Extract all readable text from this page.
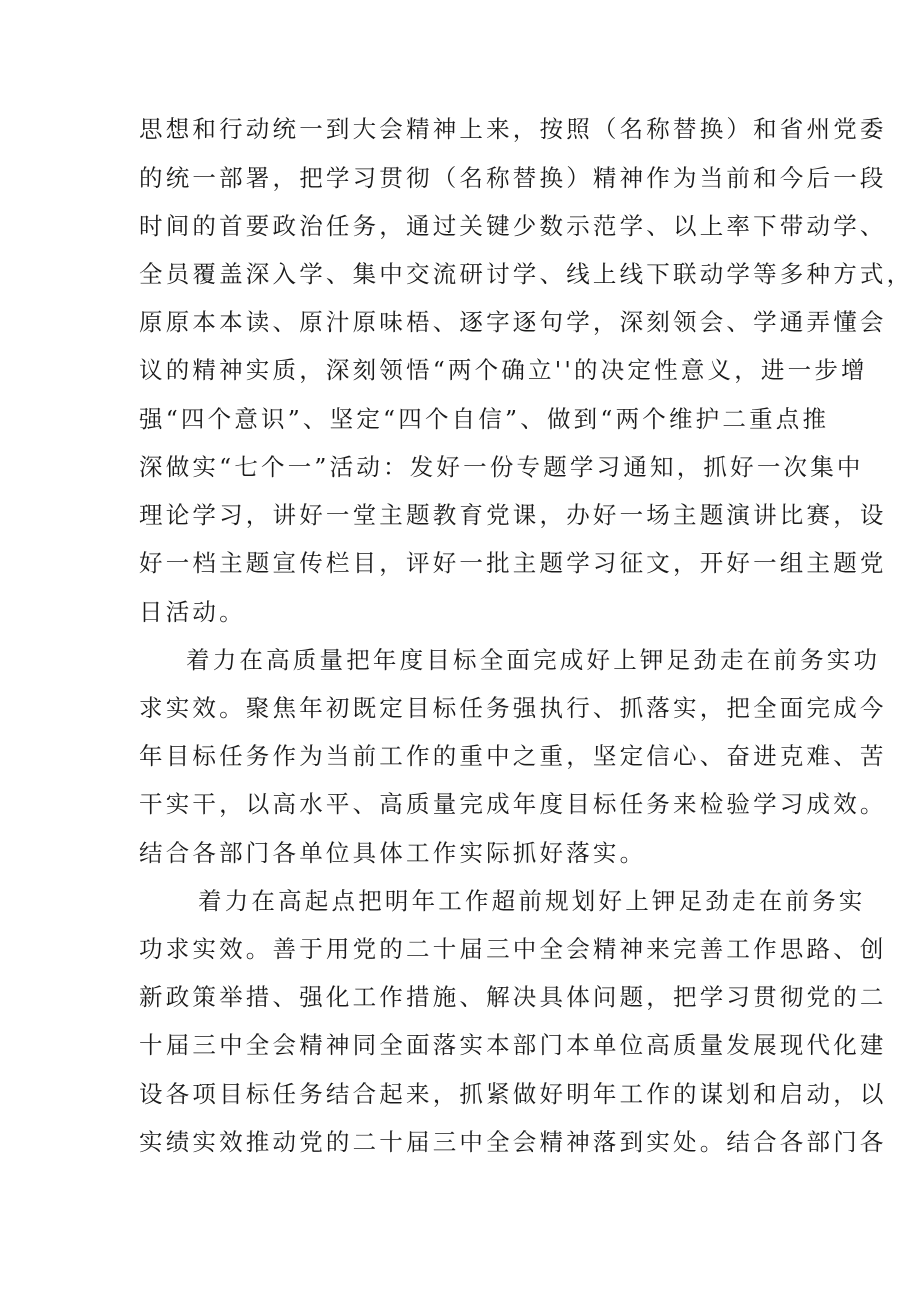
思想和行动统一到大会精神上来，按照（名称替换）和省州党委
的统一部署，把学习贯彻（名称替换）精神作为当前和今后一段
时间的首要政治任务，通过关键少数示范学、以上率下带动学、
全员覆盖深入学、集中交流研讨学、线上线下联动学等多种方式，
原原本本读、原汁原味梧、逐字逐句学，深刻领会、学通弄懂会
议的精神实质，深刻领悟“两个确立''的决定性意义，进一步增
强“四个意识”、坚定“四个自信”、做到“两个维护二重点推
深做实“七个一”活动：发好一份专题学习通知，抓好一次集中
理论学习，讲好一堂主题教育党课，办好一场主题演讲比赛，设
好一档主题宣传栏目，评好一批主题学习征文，开好一组主题党
日活动。
着力在高质量把年度目标全面完成好上钾足劲走在前务实功
求实效。聚焦年初既定目标任务强执行、抓落实，把全面完成今
年目标任务作为当前工作的重中之重，坚定信心、奋进克难、苦
干实干，以高水平、高质量完成年度目标任务来检验学习成效。
结合各部门各单位具体工作实际抓好落实。
着力在高起点把明年工作超前规划好上钾足劲走在前务实
功求实效。善于用党的二十届三中全会精神来完善工作思路、创
新政策举措、强化工作措施、解决具体问题，把学习贯彻党的二
十届三中全会精神同全面落实本部门本单位高质量发展现代化建
设各项目标任务结合起来，抓紧做好明年工作的谋划和启动，以
实绩实效推动党的二十届三中全会精神落到实处。结合各部门各
